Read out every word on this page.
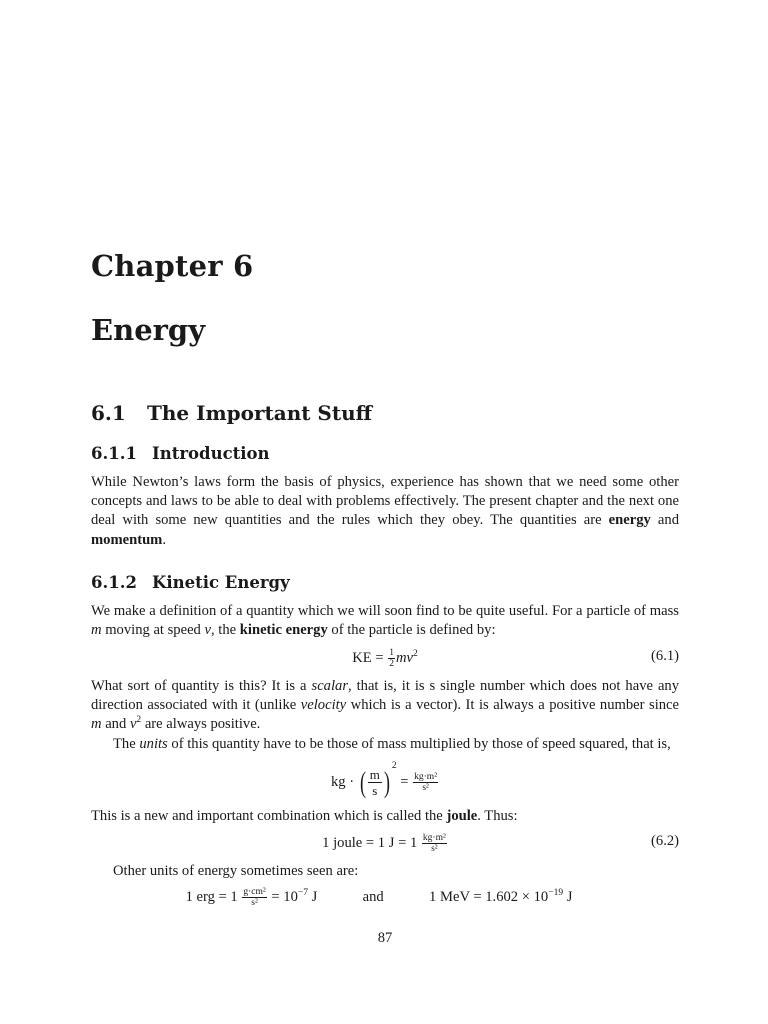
Chapter 6
Energy
6.1 The Important Stuff
6.1.1 Introduction
While Newton’s laws form the basis of physics, experience has shown that we need some other concepts and laws to be able to deal with problems effectively. The present chapter and the next one deal with some new quantities and the rules which they obey. The quantities are energy and momentum.
6.1.2 Kinetic Energy
We make a definition of a quantity which we will soon find to be quite useful. For a particle of mass m moving at speed v, the kinetic energy of the particle is defined by:
KE = $\frac{1}{2} mv^2$	(6.1)
What sort of quantity is this? It is a scalar, that is, it is s single number which does not have any direction associated with it (unlike velocity which is a vector). It is always a positive number since m and $v^2$ are always positive.
The units of this quantity have to be those of mass multiplied by those of speed squared, that is,
kg · ( $\frac{m}{s}$ ) $^2 = \frac{\text{kg·m²}}{\text{s²}}$
This is a new and important combination which is called the joule. Thus:
1 joule = 1 $J = 1 \frac{\text{kg·m²}}{\text{s²}}$	(6.2)
Other units of energy sometimes seen are:
1 erg = $1 \frac{\text{g·cm²}}{\text{s²}} = 10^{-7}$ J	and	1 MeV = $1.602 \times 10^{-19}$ J
87
